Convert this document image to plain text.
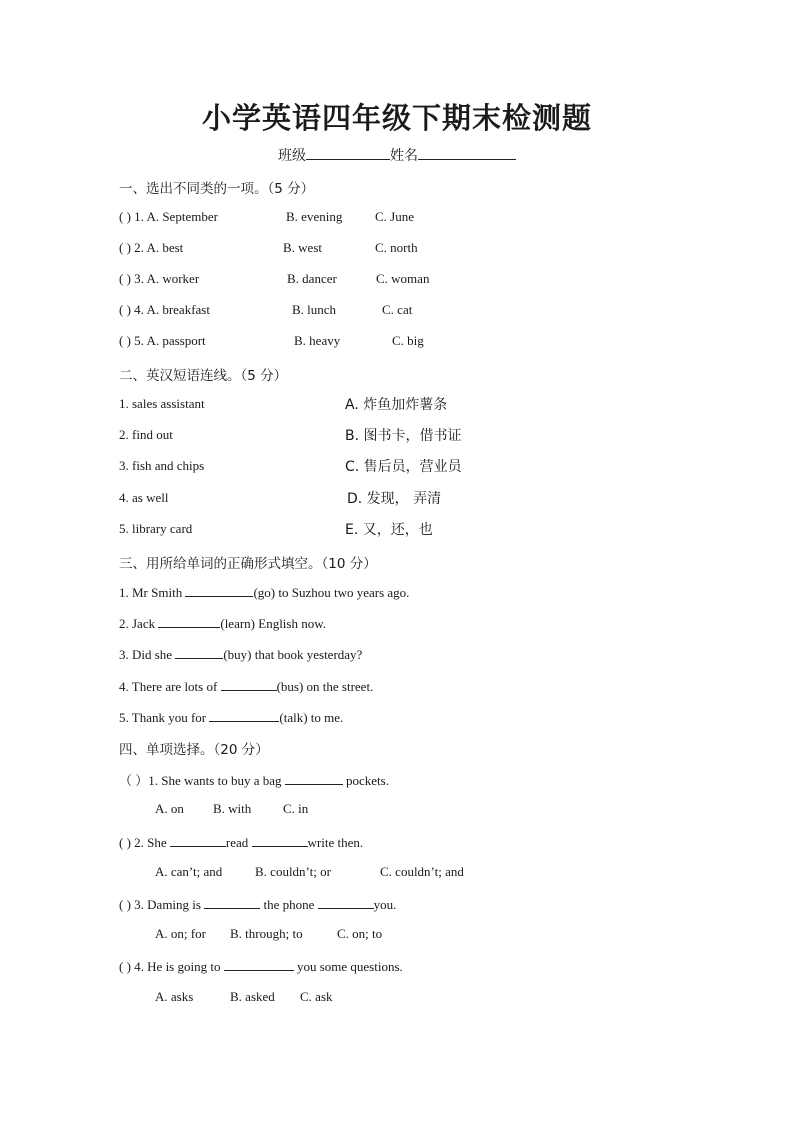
小学英语四年级下期末检测题
班级	姓名
一、选出不同类的一项。（5 分）
( ) 1. A. September	B. evening	C. June
( ) 2. A. best	B. west	C. north
( ) 3. A. worker	B. dancer	C. woman
( ) 4. A. breakfast	B. lunch	C. cat
( ) 5. A. passport	B. heavy	C. big
二、英汉短语连线。（5 分）
1. sales assistant	A. 炸鱼加炸薯条
2. find out	B. 图书卡，借书证
3. fish and chips	C. 售后员，营业员
4. as well	D. 发现， 弄清
5. library card	E. 又，还，也
三、用所给单词的正确形式填空。（10 分）
1. Mr Smith	(go) to Suzhou two years ago.
2. Jack	(learn) English now.
3. Did she	(buy) that book yesterday?
4. There are lots of	(bus) on the street.
5. Thank you for	(talk) to me.
四、单项选择。（20 分）
（ ）1. She wants to buy a bag	pockets.
A. on B. with C. in
( ) 2. She	read	write then.
A. can’t; and	B. couldn’t; or	C. couldn’t; and
( ) 3. Daming is	the phone	you.
A. on; for B. through; to	C. on; to
( ) 4. He is going to	you some questions.
A. asks	B. asked C. ask
